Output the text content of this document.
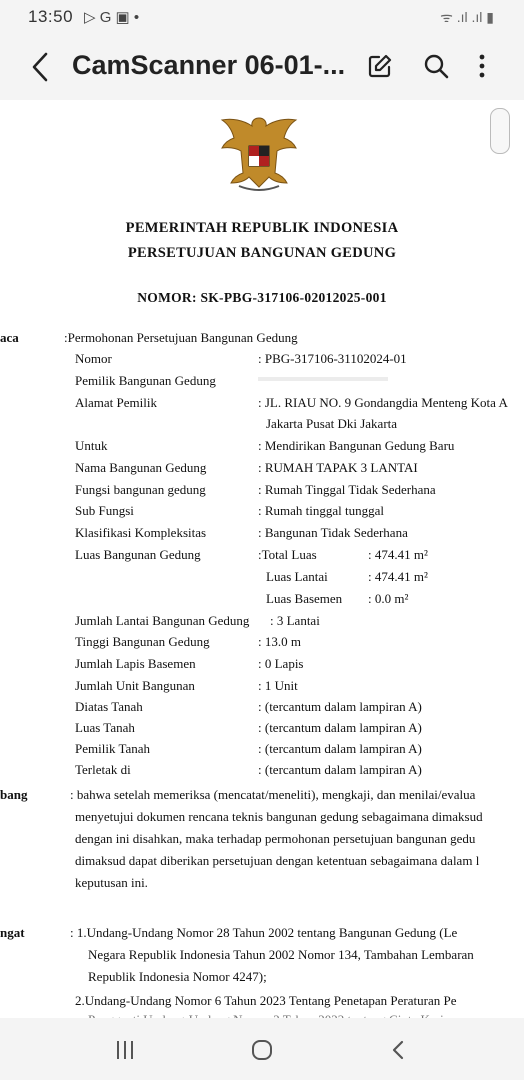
13:50 ▷ G ▣ •	ᯤ .ıl .ıl ▮
CamScanner 06-01-...
PEMERINTAH REPUBLIK INDONESIA
PERSETUJUAN BANGUNAN GEDUNG
NOMOR: SK-PBG-317106-02012025-001
aca	:Permohonan Persetujuan Bangunan Gedung
Nomor	: PBG-317106-31102024-01
Pemilik Bangunan Gedung
Alamat Pemilik	: JL. RIAU NO. 9 Gondangdia Menteng Kota A
Jakarta Pusat Dki Jakarta
Untuk	: Mendirikan Bangunan Gedung Baru
Nama Bangunan Gedung	: RUMAH TAPAK 3 LANTAI
Fungsi bangunan gedung	: Rumah Tinggal Tidak Sederhana
Sub Fungsi	: Rumah tinggal tunggal
Klasifikasi Kompleksitas	: Bangunan Tidak Sederhana
Luas Bangunan Gedung	:Total Luas	: 474.41 m²
Luas Lantai	: 474.41 m²
Luas Basemen : 0.0 m²
Jumlah Lantai Bangunan Gedung : 3 Lantai
Tinggi Bangunan Gedung	: 13.0 m
Jumlah Lapis Basemen	: 0 Lapis
Jumlah Unit Bangunan	: 1 Unit
Diatas Tanah	: (tercantum dalam lampiran A)
Luas Tanah	: (tercantum dalam lampiran A)
Pemilik Tanah	: (tercantum dalam lampiran A)
Terletak di	: (tercantum dalam lampiran A)
bang	: bahwa setelah memeriksa (mencatat/meneliti), mengkaji, dan menilai/evalua
menyetujui dokumen rencana teknis bangunan gedung sebagaimana dimaksud
dengan ini disahkan, maka terhadap permohonan persetujuan bangunan gedu
dimaksud dapat diberikan persetujuan dengan ketentuan sebagaimana dalam l
keputusan ini.
ngat	: 1.Undang-Undang Nomor 28 Tahun 2002 tentang Bangunan Gedung (Le
Negara Republik Indonesia Tahun 2002 Nomor 134, Tambahan Lembaran
Republik Indonesia Nomor 4247);
2.Undang-Undang Nomor 6 Tahun 2023 Tentang Penetapan Peraturan Pe
